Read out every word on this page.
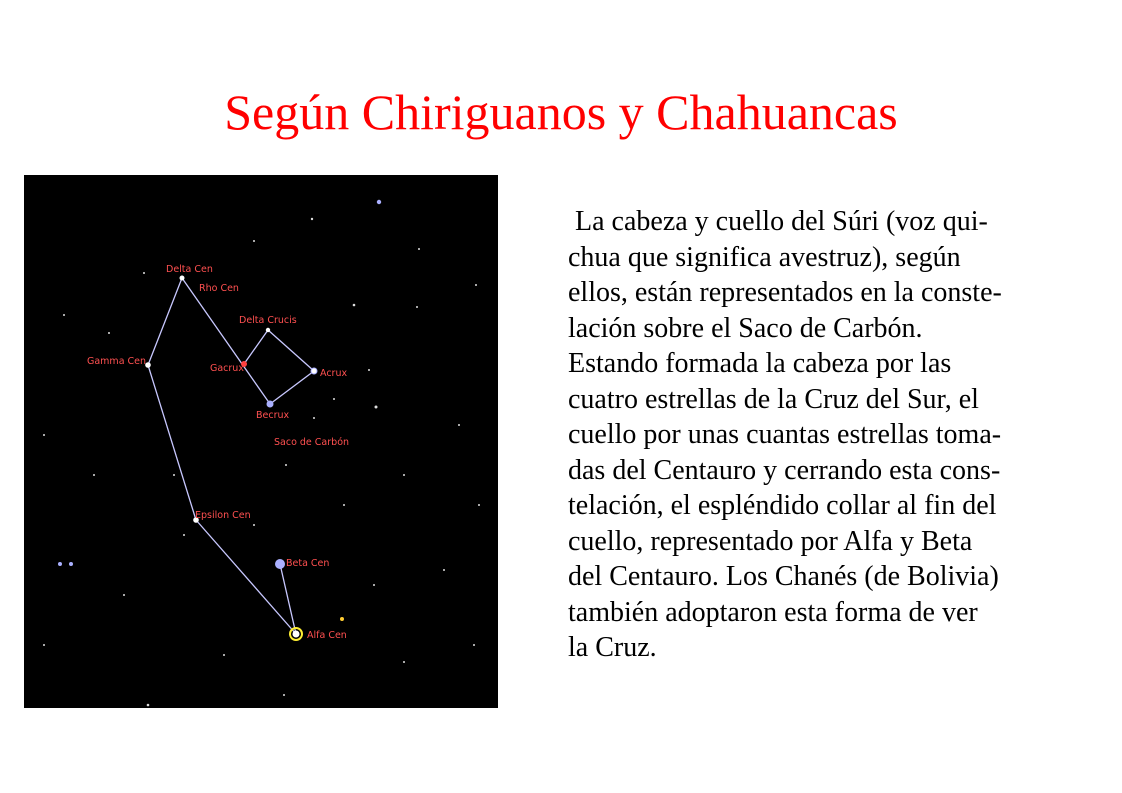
Según Chiriguanos y Chahuancas
Delta Cen
Rho Cen
Delta Crucis
Gamma Cen
Gacrux	Acrux
Becrux
Saco de Carbón
Epsilon Cen
Beta Cen
Alfa Cen
La cabeza y cuello del Súri (voz qui-
chua que significa avestruz), según
ellos, están representados en la conste-
lación sobre el Saco de Carbón.
Estando formada la cabeza por las
cuatro estrellas de la Cruz del Sur, el
cuello por unas cuantas estrellas toma-
das del Centauro y cerrando esta cons-
telación, el espléndido collar al fin del
cuello, representado por Alfa y Beta
del Centauro. Los Chanés (de Bolivia)
también adoptaron esta forma de ver
la Cruz.
